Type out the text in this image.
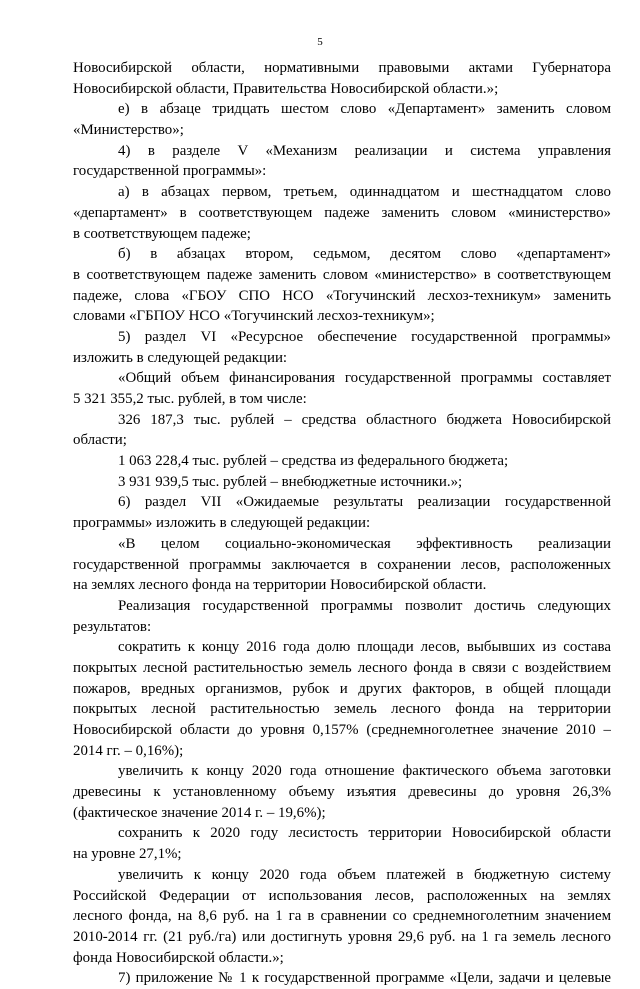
5
Новосибирской области, нормативными правовыми актами Губернатора
Новосибирской области, Правительства Новосибирской области.»;
е) в абзаце тридцать шестом слово «Департамент» заменить словом
«Министерство»;
4) в разделе V «Механизм реализации и система управления
государственной программы»:
а) в абзацах первом, третьем, одиннадцатом и шестнадцатом слово
«департамент» в соответствующем падеже заменить словом «министерство»
в соответствующем падеже;
б) в абзацах втором, седьмом, десятом слово «департамент»
в соответствующем падеже заменить словом «министерство» в соответствующем
падеже, слова «ГБОУ СПО НСО «Тогучинский лесхоз-техникум» заменить
словами «ГБПОУ НСО «Тогучинский лесхоз-техникум»;
5) раздел VI «Ресурсное обеспечение государственной программы»
изложить в следующей редакции:
«Общий объем финансирования государственной программы составляет
5 321 355,2 тыс. рублей, в том числе:
326 187,3 тыс. рублей – средства областного бюджета Новосибирской
области;
1 063 228,4 тыс. рублей – средства из федерального бюджета;
3 931 939,5 тыс. рублей – внебюджетные источники.»;
6) раздел VII «Ожидаемые результаты реализации государственной
программы» изложить в следующей редакции:
«В целом социально-экономическая эффективность реализации
государственной программы заключается в сохранении лесов, расположенных
на землях лесного фонда на территории Новосибирской области.
Реализация государственной программы позволит достичь следующих
результатов:
сократить к концу 2016 года долю площади лесов, выбывших из состава
покрытых лесной растительностью земель лесного фонда в связи с воздействием
пожаров, вредных организмов, рубок и других факторов, в общей площади
покрытых лесной растительностью земель лесного фонда на территории
Новосибирской области до уровня 0,157% (среднемноголетнее значение 2010 –
2014 гг. – 0,16%);
увеличить к концу 2020 года отношение фактического объема заготовки
древесины к установленному объему изъятия древесины до уровня 26,3%
(фактическое значение 2014 г. – 19,6%);
сохранить к 2020 году лесистость территории Новосибирской области
на уровне 27,1%;
увеличить к концу 2020 года объем платежей в бюджетную систему
Российской Федерации от использования лесов, расположенных на землях
лесного фонда, на 8,6 руб. на 1 га в сравнении со среднемноголетним значением
2010-2014 гг. (21 руб./га) или достигнуть уровня 29,6 руб. на 1 га земель лесного
фонда Новосибирской области.»;
7) приложение № 1 к государственной программе «Цели, задачи и целевые
